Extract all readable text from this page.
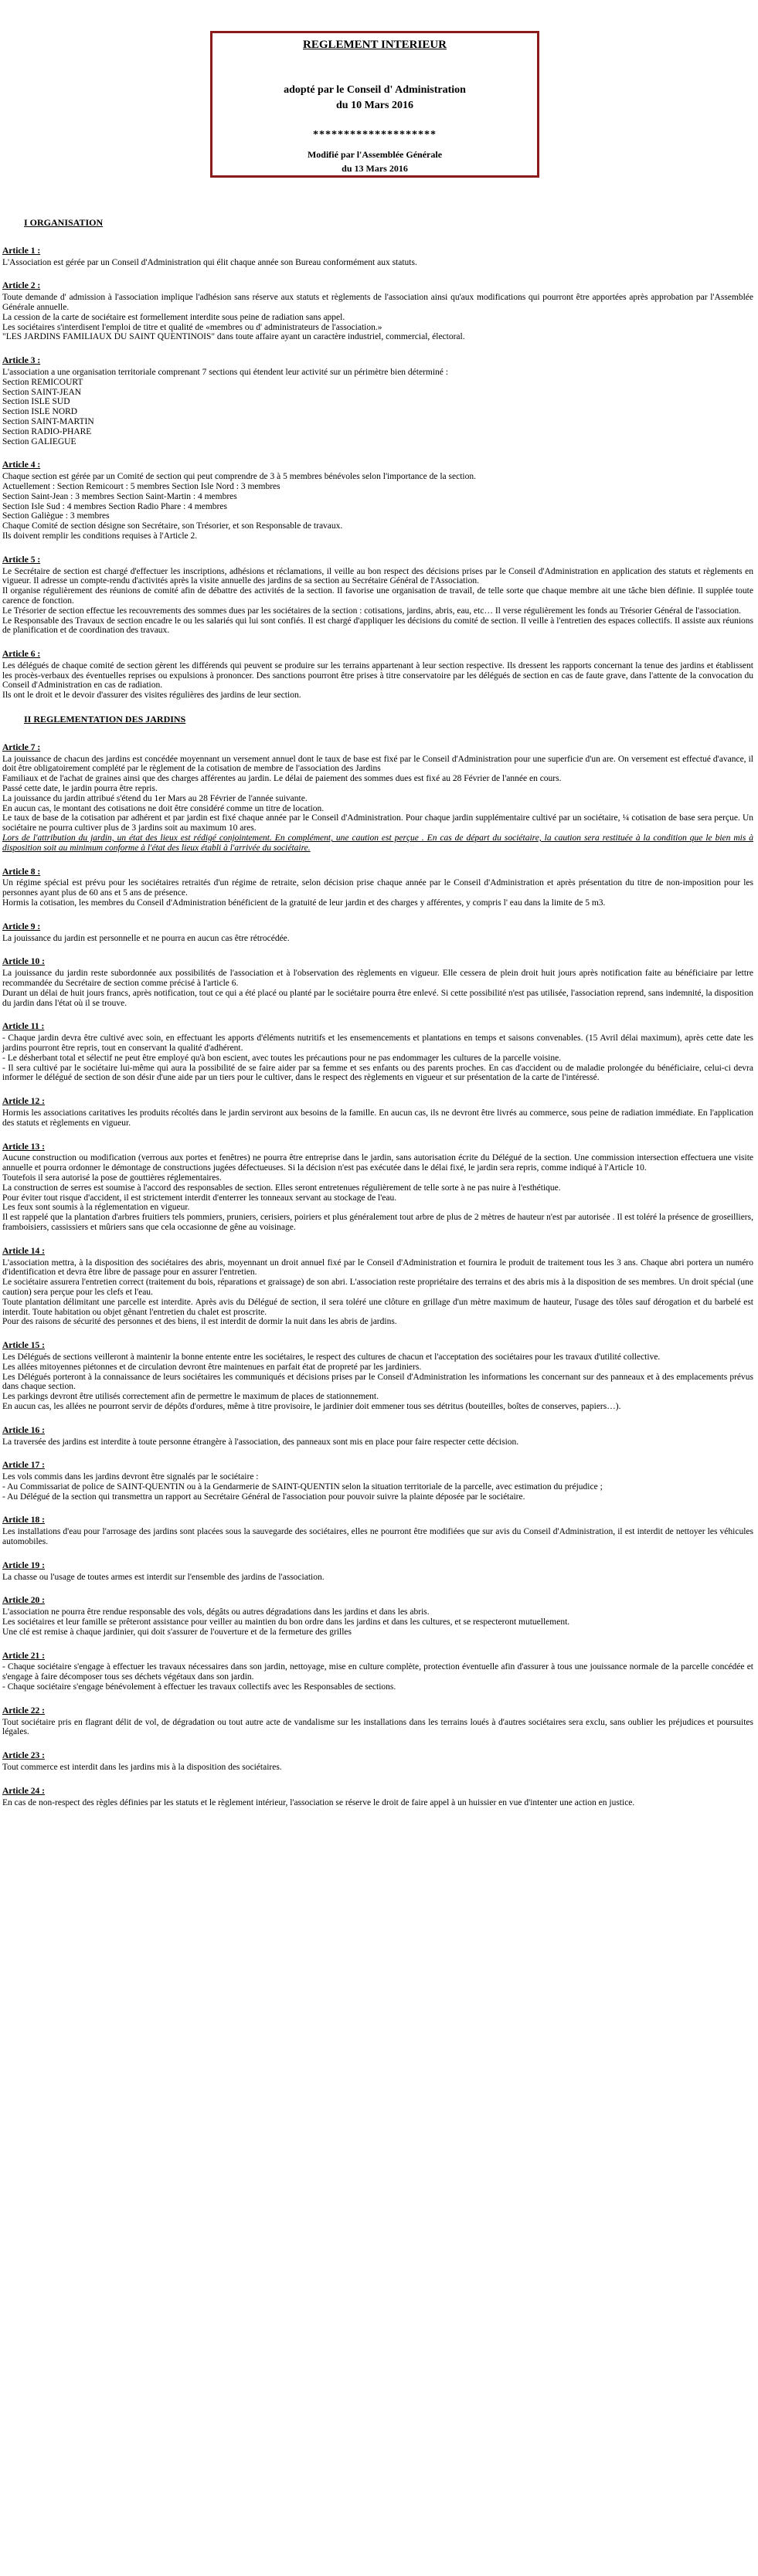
REGLEMENT INTERIEUR
adopté par le Conseil d' Administration
du 10 Mars 2016
********************
Modifié par l'Assemblée Générale
du 13 Mars 2016
I ORGANISATION
Article 1 :

L'Association est gérée par un Conseil d'Administration qui élit chaque année son Bureau conformément aux statuts.

Article 2 :

Toute demande d' admission à l'association implique l'adhésion sans réserve aux statuts et règlements de l'association ainsi qu'aux modifications qui pourront être apportées après approbation par l'Assemblée Générale annuelle.

La cession de la carte de sociétaire est formellement interdite sous peine de radiation sans appel.

Les sociétaires s'interdisent l'emploi de titre et qualité de «membres ou d' administrateurs de l'association.»

"LES JARDINS FAMILIAUX DU SAINT QUENTINOIS" dans toute affaire ayant un caractère industriel, commercial, électoral.

Article 3 :

L'association a une organisation territoriale comprenant 7 sections qui étendent leur activité sur un périmètre bien déterminé :

Section REMICOURT

Section SAINT-JEAN

Section ISLE SUD

Section ISLE NORD

Section SAINT-MARTIN

Section RADIO-PHARE

Section GALIEGUE

Article 4 :

Chaque section est gérée par un Comité de section qui peut comprendre de 3 à 5 membres bénévoles selon l'importance de la section.

Actuellement : Section Remicourt : 5 membres Section Isle Nord : 3 membres

Section Saint-Jean : 3 membres Section Saint-Martin : 4 membres

Section Isle Sud : 4 membres Section Radio Phare : 4 membres

Section Galiègue : 3 membres

Chaque Comité de section désigne son Secrétaire, son Trésorier, et son Responsable de travaux.

Ils doivent remplir les conditions requises à l'Article 2.

Article 5 :

Le Secrétaire de section est chargé d'effectuer les inscriptions, adhésions et réclamations, il veille au bon respect des décisions prises par le Conseil d'Administration en application des statuts et règlements en vigueur. Il adresse un compte-rendu d'activités après la visite annuelle des jardins de sa section au Secrétaire Général de l'Association.

Il organise régulièrement des réunions de comité afin de débattre des activités de la section. Il favorise une organisation de travail, de telle sorte que chaque membre ait une tâche bien définie. Il supplée toute carence de fonction.

Le Trésorier de section effectue les recouvrements des sommes dues par les sociétaires de la section : cotisations, jardins, abris, eau, etc… Il verse régulièrement les fonds au Trésorier Général de l'association.

Le Responsable des Travaux de section encadre le ou les salariés qui lui sont confiés. Il est chargé d'appliquer les décisions du comité de section. Il veille à l'entretien des espaces collectifs. Il assiste aux réunions de planification et de coordination des travaux.

Article 6 :

Les délégués de chaque comité de section gèrent les différends qui peuvent se produire sur les terrains appartenant à leur section respective. Ils dressent les rapports concernant la tenue des jardins et établissent les procès-verbaux des éventuelles reprises ou expulsions à prononcer. Des sanctions pourront être prises à titre conservatoire par les délégués de section en cas de faute grave, dans l'attente de la convocation du Conseil d'Administration en cas de radiation.

Ils ont le droit et le devoir d'assurer des visites régulières des jardins de leur section.

II REGLEMENTATION DES JARDINS
Article 7 :

La jouissance de chacun des jardins est concédée moyennant un versement annuel dont le taux de base est fixé par le Conseil d'Administration pour une superficie d'un are. On versement est effectué d'avance, il doit être obligatoirement complété par le règlement de la cotisation de membre de l'association des Jardins

Familiaux et de l'achat de graines ainsi que des charges afférentes au jardin. Le délai de paiement des sommes dues est fixé au 28 Février de l'année en cours.

Passé cette date, le jardin pourra être repris.

La jouissance du jardin attribué s'étend du 1er Mars au 28 Février de l'année suivante.

En aucun cas, le montant des cotisations ne doit être considéré comme un titre de location.

Le taux de base de la cotisation par adhérent et par jardin est fixé chaque année par le Conseil d'Administration. Pour chaque jardin supplémentaire cultivé par un sociétaire, ¼ cotisation de base sera perçue. Un sociétaire ne pourra cultiver plus de 3 jardins soit au maximum 10 ares.

Lors de l'attribution du jardin, un état des lieux est rédigé conjointement. En complément, une caution est perçue . En cas de départ du sociétaire, la caution sera restituée à la condition que le bien mis à disposition soit au minimum conforme à l'état des lieux établi à l'arrivée du sociétaire.

Article 8 :

Un régime spécial est prévu pour les sociétaires retraités d'un régime de retraite, selon décision prise chaque année par le Conseil d'Administration et après présentation du titre de non-imposition pour les personnes ayant plus de 60 ans et 5 ans de présence.

Hormis la cotisation, les membres du Conseil d'Administration bénéficient de la gratuité de leur jardin et des charges y afférentes, y compris l' eau dans la limite de 5 m3.

Article 9 :

La jouissance du jardin est personnelle et ne pourra en aucun cas être rétrocédée.

Article 10 :

La jouissance du jardin reste subordonnée aux possibilités de l'association et à l'observation des règlements en vigueur. Elle cessera de plein droit huit jours après notification faite au bénéficiaire par lettre recommandée du Secrétaire de section comme précisé à l'article 6.

Durant un délai de huit jours francs, après notification, tout ce qui a été placé ou planté par le sociétaire pourra être enlevé. Si cette possibilité n'est pas utilisée, l'association reprend, sans indemnité, la disposition du jardin dans l'état où il se trouve.

Article 11 :

- Chaque jardin devra être cultivé avec soin, en effectuant les apports d'éléments nutritifs et les ensemencements et plantations en temps et saisons convenables. (15 Avril délai maximum), après cette date les jardins pourront être repris, tout en conservant la qualité d'adhérent.

- Le désherbant total et sélectif ne peut être employé qu'à bon escient, avec toutes les précautions pour ne pas endommager les cultures de la parcelle voisine.

- Il sera cultivé par le sociétaire lui-même qui aura la possibilité de se faire aider par sa femme et ses enfants ou des parents proches. En cas d'accident ou de maladie prolongée du bénéficiaire, celui-ci devra informer le délégué de section de son désir d'une aide par un tiers pour le cultiver, dans le respect des règlements en vigueur et sur présentation de la carte de l'intéressé.

Article 12 :

Hormis les associations caritatives les produits récoltés dans le jardin serviront aux besoins de la famille. En aucun cas, ils ne devront être livrés au commerce, sous peine de radiation immédiate. En l'application des statuts et règlements en vigueur.

Article 13 :

Aucune construction ou modification (verrous aux portes et fenêtres) ne pourra être entreprise dans le jardin, sans autorisation écrite du Délégué de la section. Une commission intersection effectuera une visite annuelle et pourra ordonner le démontage de constructions jugées défectueuses. Si la décision n'est pas exécutée dans le délai fixé, le jardin sera repris, comme indiqué à l'Article 10.

Toutefois il sera autorisé la pose de gouttières réglementaires.

La construction de serres est soumise à l'accord des responsables de section. Elles seront entretenues régulièrement de telle sorte à ne pas nuire à l'esthétique.

Pour éviter tout risque d'accident, il est strictement interdit d'enterrer les tonneaux servant au stockage de l'eau.

Les feux sont soumis à la réglementation en vigueur.

Il est rappelé que la plantation d'arbres fruitiers tels pommiers, pruniers, cerisiers, poiriers et plus généralement tout arbre de plus de 2 mètres de hauteur n'est par autorisée . Il est toléré la présence de groseilliers, framboisiers, cassissiers et mûriers sans que cela occasionne de gêne au voisinage.

Article 14 :

L'association mettra, à la disposition des sociétaires des abris, moyennant un droit annuel fixé par le Conseil d'Administration et fournira le produit de traitement tous les 3 ans. Chaque abri portera un numéro d'identification et devra être libre de passage pour en assurer l'entretien.

Le sociétaire assurera l'entretien correct (traitement du bois, réparations et graissage) de son abri. L'association reste propriétaire des terrains et des abris mis à la disposition de ses membres. Un droit spécial (une caution) sera perçue pour les clefs et l'eau.

Toute plantation délimitant une parcelle est interdite. Après avis du Délégué de section, il sera toléré une clôture en grillage d'un mètre maximum de hauteur, l'usage des tôles sauf dérogation et du barbelé est interdit. Toute habitation ou objet gênant l'entretien du chalet est proscrite.

Pour des raisons de sécurité des personnes et des biens, il est interdit de dormir la nuit dans les abris de jardins.

Article 15 :

Les Délégués de sections veilleront à maintenir la bonne entente entre les sociétaires, le respect des cultures de chacun et l'acceptation des sociétaires pour les travaux d'utilité collective.

Les allées mitoyennes piétonnes et de circulation devront être maintenues en parfait état de propreté par les jardiniers.

Les Délégués porteront à la connaissance de leurs sociétaires les communiqués et décisions prises par le Conseil d'Administration les informations les concernant sur des panneaux et à des emplacements prévus dans chaque section.

Les parkings devront être utilisés correctement afin de permettre le maximum de places de stationnement.

En aucun cas, les allées ne pourront servir de dépôts d'ordures, même à titre provisoire, le jardinier doit emmener tous ses détritus (bouteilles, boîtes de conserves, papiers…).

Article 16 :

La traversée des jardins est interdite à toute personne étrangère à l'association, des panneaux sont mis en place pour faire respecter cette décision.

Article 17 :

Les vols commis dans les jardins devront être signalés par le sociétaire :

- Au Commissariat de police de SAINT-QUENTIN ou à la Gendarmerie de SAINT-QUENTIN selon la situation territoriale de la parcelle, avec estimation du préjudice ;

- Au Délégué de la section qui transmettra un rapport au Secrétaire Général de l'association pour pouvoir suivre la plainte déposée par le sociétaire.

Article 18 :

Les installations d'eau pour l'arrosage des jardins sont placées sous la sauvegarde des sociétaires, elles ne pourront être modifiées que sur avis du Conseil d'Administration, il est interdit de nettoyer les véhicules automobiles.

Article 19 :

La chasse ou l'usage de toutes armes est interdit sur l'ensemble des jardins de l'association.

Article 20 :

L'association ne pourra être rendue responsable des vols, dégâts ou autres dégradations dans les jardins et dans les abris.

Les sociétaires et leur famille se prêteront assistance pour veiller au maintien du bon ordre dans les jardins et dans les cultures, et se respecteront mutuellement.

Une clé est remise à chaque jardinier, qui doit s'assurer de l'ouverture et de la fermeture des grilles

Article 21 :

- Chaque sociétaire s'engage à effectuer les travaux nécessaires dans son jardin, nettoyage, mise en culture complète, protection éventuelle afin d'assurer à tous une jouissance normale de la parcelle concédée et s'engage à faire décomposer tous ses déchets végétaux dans son jardin.

- Chaque sociétaire s'engage bénévolement à effectuer les travaux collectifs avec les Responsables de sections.

Article 22 :

Tout sociétaire pris en flagrant délit de vol, de dégradation ou tout autre acte de vandalisme sur les installations dans les terrains loués à d'autres sociétaires sera exclu, sans oublier les préjudices et poursuites légales.

Article 23 :

Tout commerce est interdit dans les jardins mis à la disposition des sociétaires.

Article 24 :

En cas de non-respect des règles définies par les statuts et le règlement intérieur, l'association se réserve le droit de faire appel à un huissier en vue d'intenter une action en justice.
